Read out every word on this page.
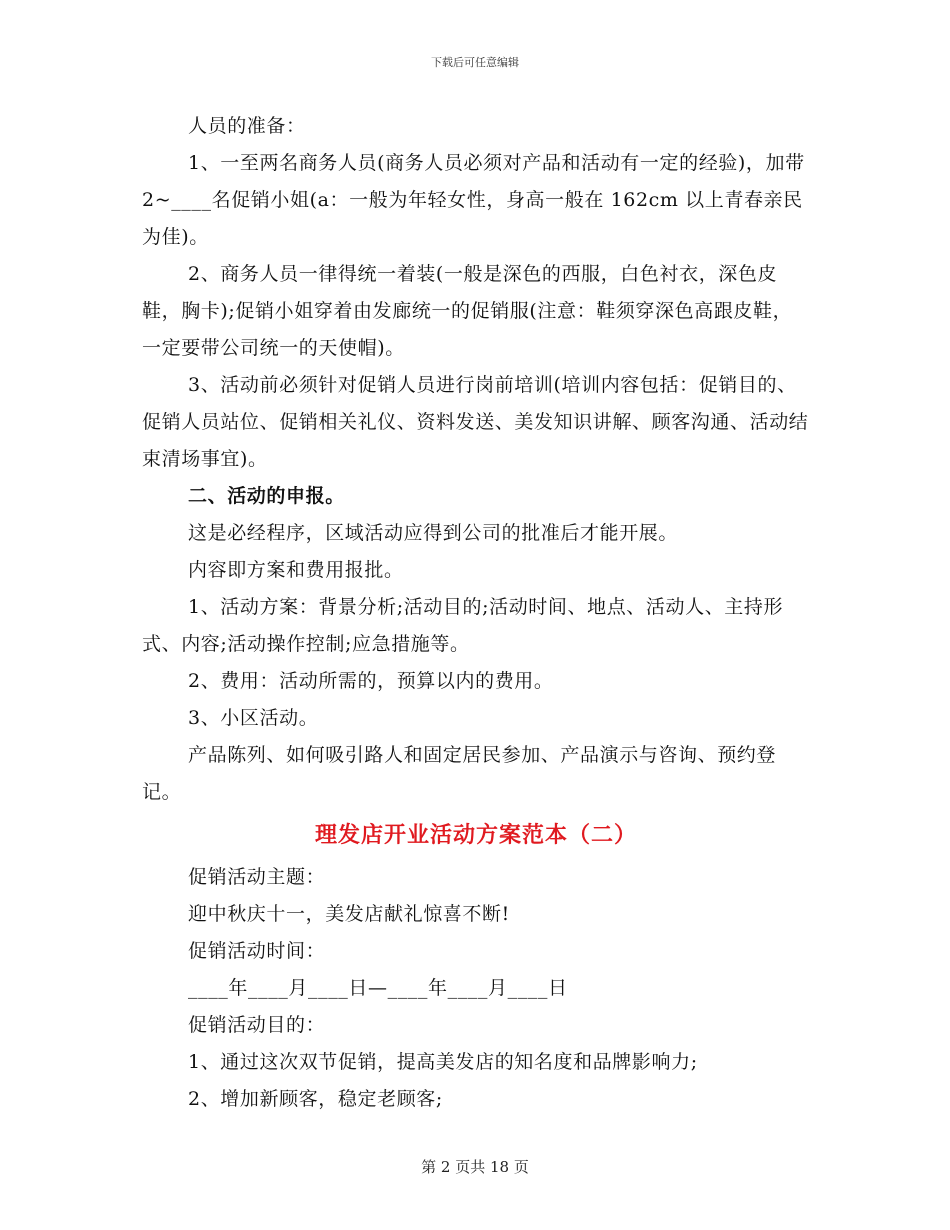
下载后可任意编辑

人员的准备：

1、一至两名商务人员(商务人员必须对产品和活动有一定的经验)，加带 2~____名促销小姐(a：一般为年轻女性，身高一般在 162cm 以上青春亲民为佳)。

2、商务人员一律得统一着装(一般是深色的西服，白色衬衣，深色皮鞋，胸卡);促销小姐穿着由发廊统一的促销服(注意：鞋须穿深色高跟皮鞋，一定要带公司统一的天使帽)。

3、活动前必须针对促销人员进行岗前培训(培训内容包括：促销目的、促销人员站位、促销相关礼仪、资料发送、美发知识讲解、顾客沟通、活动结束清场事宜)。

二、活动的申报。

这是必经程序，区域活动应得到公司的批准后才能开展。

内容即方案和费用报批。

1、活动方案：背景分析;活动目的;活动时间、地点、活动人、主持形式、内容;活动操作控制;应急措施等。

2、费用：活动所需的，预算以内的费用。

3、小区活动。

产品陈列、如何吸引路人和固定居民参加、产品演示与咨询、预约登记。

理发店开业活动方案范本（二）

促销活动主题：

迎中秋庆十一，美发店献礼惊喜不断!

促销活动时间：

____年____月____日—____年____月____日

促销活动目的：

1、通过这次双节促销，提高美发店的知名度和品牌影响力;

2、增加新顾客，稳定老顾客;

第 2 页共 18 页
